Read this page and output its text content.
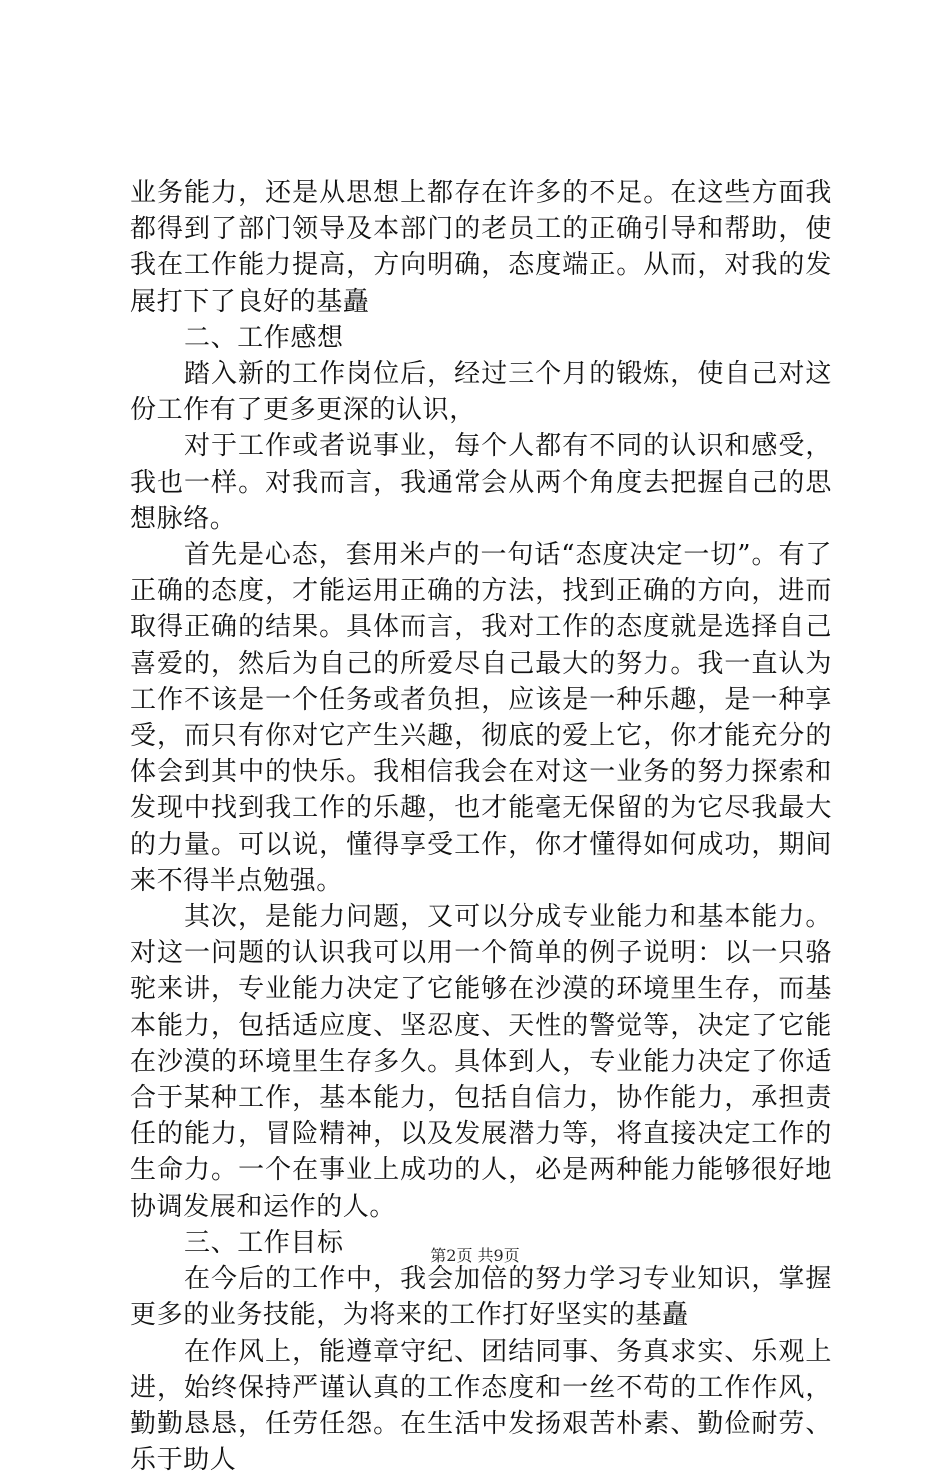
业务能力，还是从思想上都存在许多的不足。在这些方面我都得到了部门领导及本部门的老员工的正确引导和帮助，使我在工作能力提高，方向明确，态度端正。从而，对我的发展打下了良好的基矗

二、工作感想

踏入新的工作岗位后，经过三个月的锻炼，使自己对这份工作有了更多更深的认识，

对于工作或者说事业，每个人都有不同的认识和感受，我也一样。对我而言，我通常会从两个角度去把握自己的思想脉络。

首先是心态，套用米卢的一句话“态度决定一切”。有了正确的态度，才能运用正确的方法，找到正确的方向，进而取得正确的结果。具体而言，我对工作的态度就是选择自己喜爱的，然后为自己的所爱尽自己最大的努力。我一直认为工作不该是一个任务或者负担，应该是一种乐趣，是一种享受，而只有你对它产生兴趣，彻底的爱上它，你才能充分的体会到其中的快乐。我相信我会在对这一业务的努力探索和发现中找到我工作的乐趣，也才能毫无保留的为它尽我最大的力量。可以说，懂得享受工作，你才懂得如何成功，期间来不得半点勉强。

其次，是能力问题，又可以分成专业能力和基本能力。对这一问题的认识我可以用一个简单的例子说明：以一只骆驼来讲，专业能力决定了它能够在沙漠的环境里生存，而基本能力，包括适应度、坚忍度、天性的警觉等，决定了它能在沙漠的环境里生存多久。具体到人，专业能力决定了你适合于某种工作，基本能力，包括自信力，协作能力，承担责任的能力，冒险精神，以及发展潜力等，将直接决定工作的生命力。一个在事业上成功的人，必是两种能力能够很好地协调发展和运作的人。

三、工作目标

在今后的工作中，我会加倍的努力学习专业知识，掌握更多的业务技能，为将来的工作打好坚实的基矗

在作风上，能遵章守纪、团结同事、务真求实、乐观上进，始终保持严谨认真的工作态度和一丝不苟的工作作风，勤勤恳恳，任劳任怨。在生活中发扬艰苦朴素、勤俭耐劳、乐于助人

第2页 共9页
